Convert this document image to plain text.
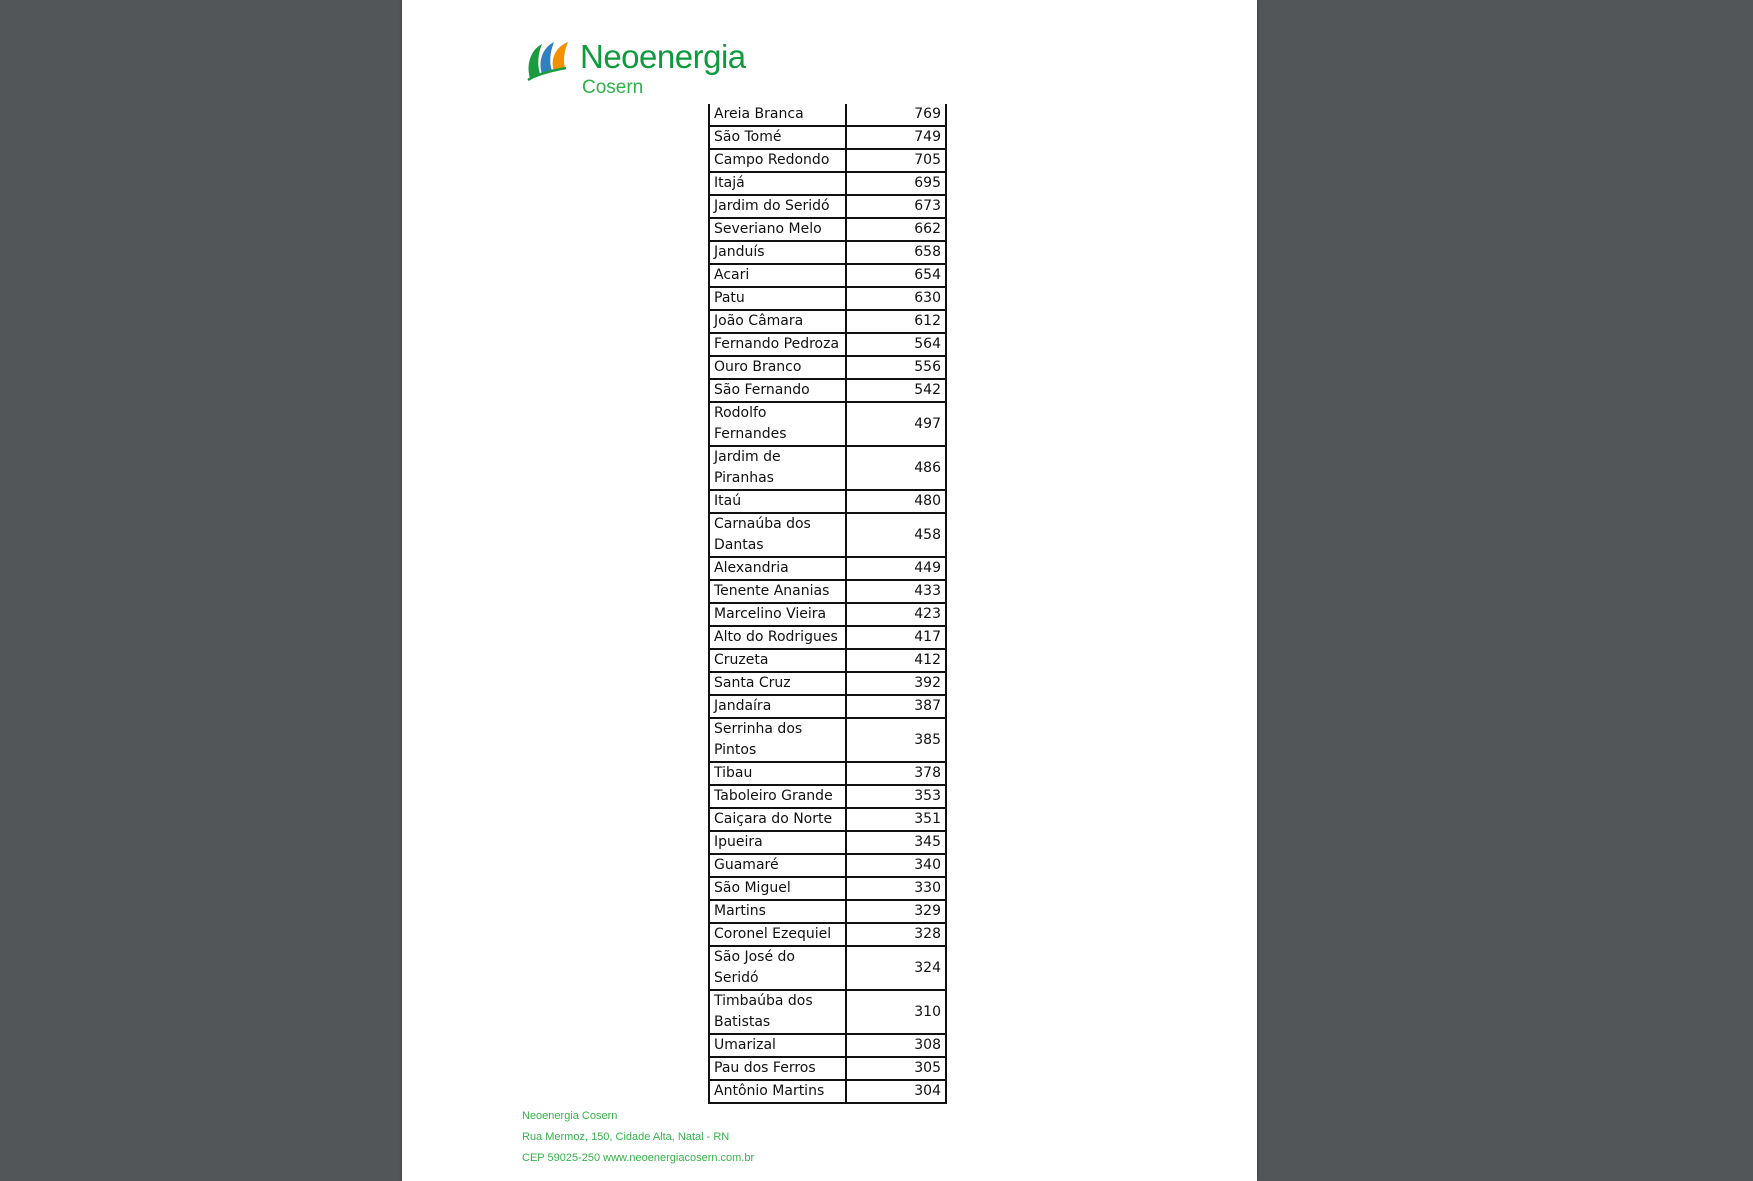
Neoenergia
Cosern
Areia Branca	769
São Tomé	749
Campo Redondo	705
Itajá	695
Jardim do Seridó	673
Severiano Melo	662
Janduís	658
Acari	654
Patu	630
João Câmara	612
Fernando Pedroza	564
Ouro Branco	556
São Fernando	542
Rodolfo Fernandes	497
Jardim de Piranhas	486
Itaú	480
Carnaúba dos Dantas	458
Alexandria	449
Tenente Ananias	433
Marcelino Vieira	423
Alto do Rodrigues	417
Cruzeta	412
Santa Cruz	392
Jandaíra	387
Serrinha dos Pintos	385
Tibau	378
Taboleiro Grande	353
Caiçara do Norte	351
Ipueira	345
Guamaré	340
São Miguel	330
Martins	329
Coronel Ezequiel	328
São José do Seridó	324
Timbaúba dos Batistas	310
Umarizal	308
Pau dos Ferros	305
Antônio Martins	304
Neoenergia Cosern
Rua Mermoz, 150, Cidade Alta, Natal - RN
CEP 59025-250 www.neoenergiacosern.com.br
